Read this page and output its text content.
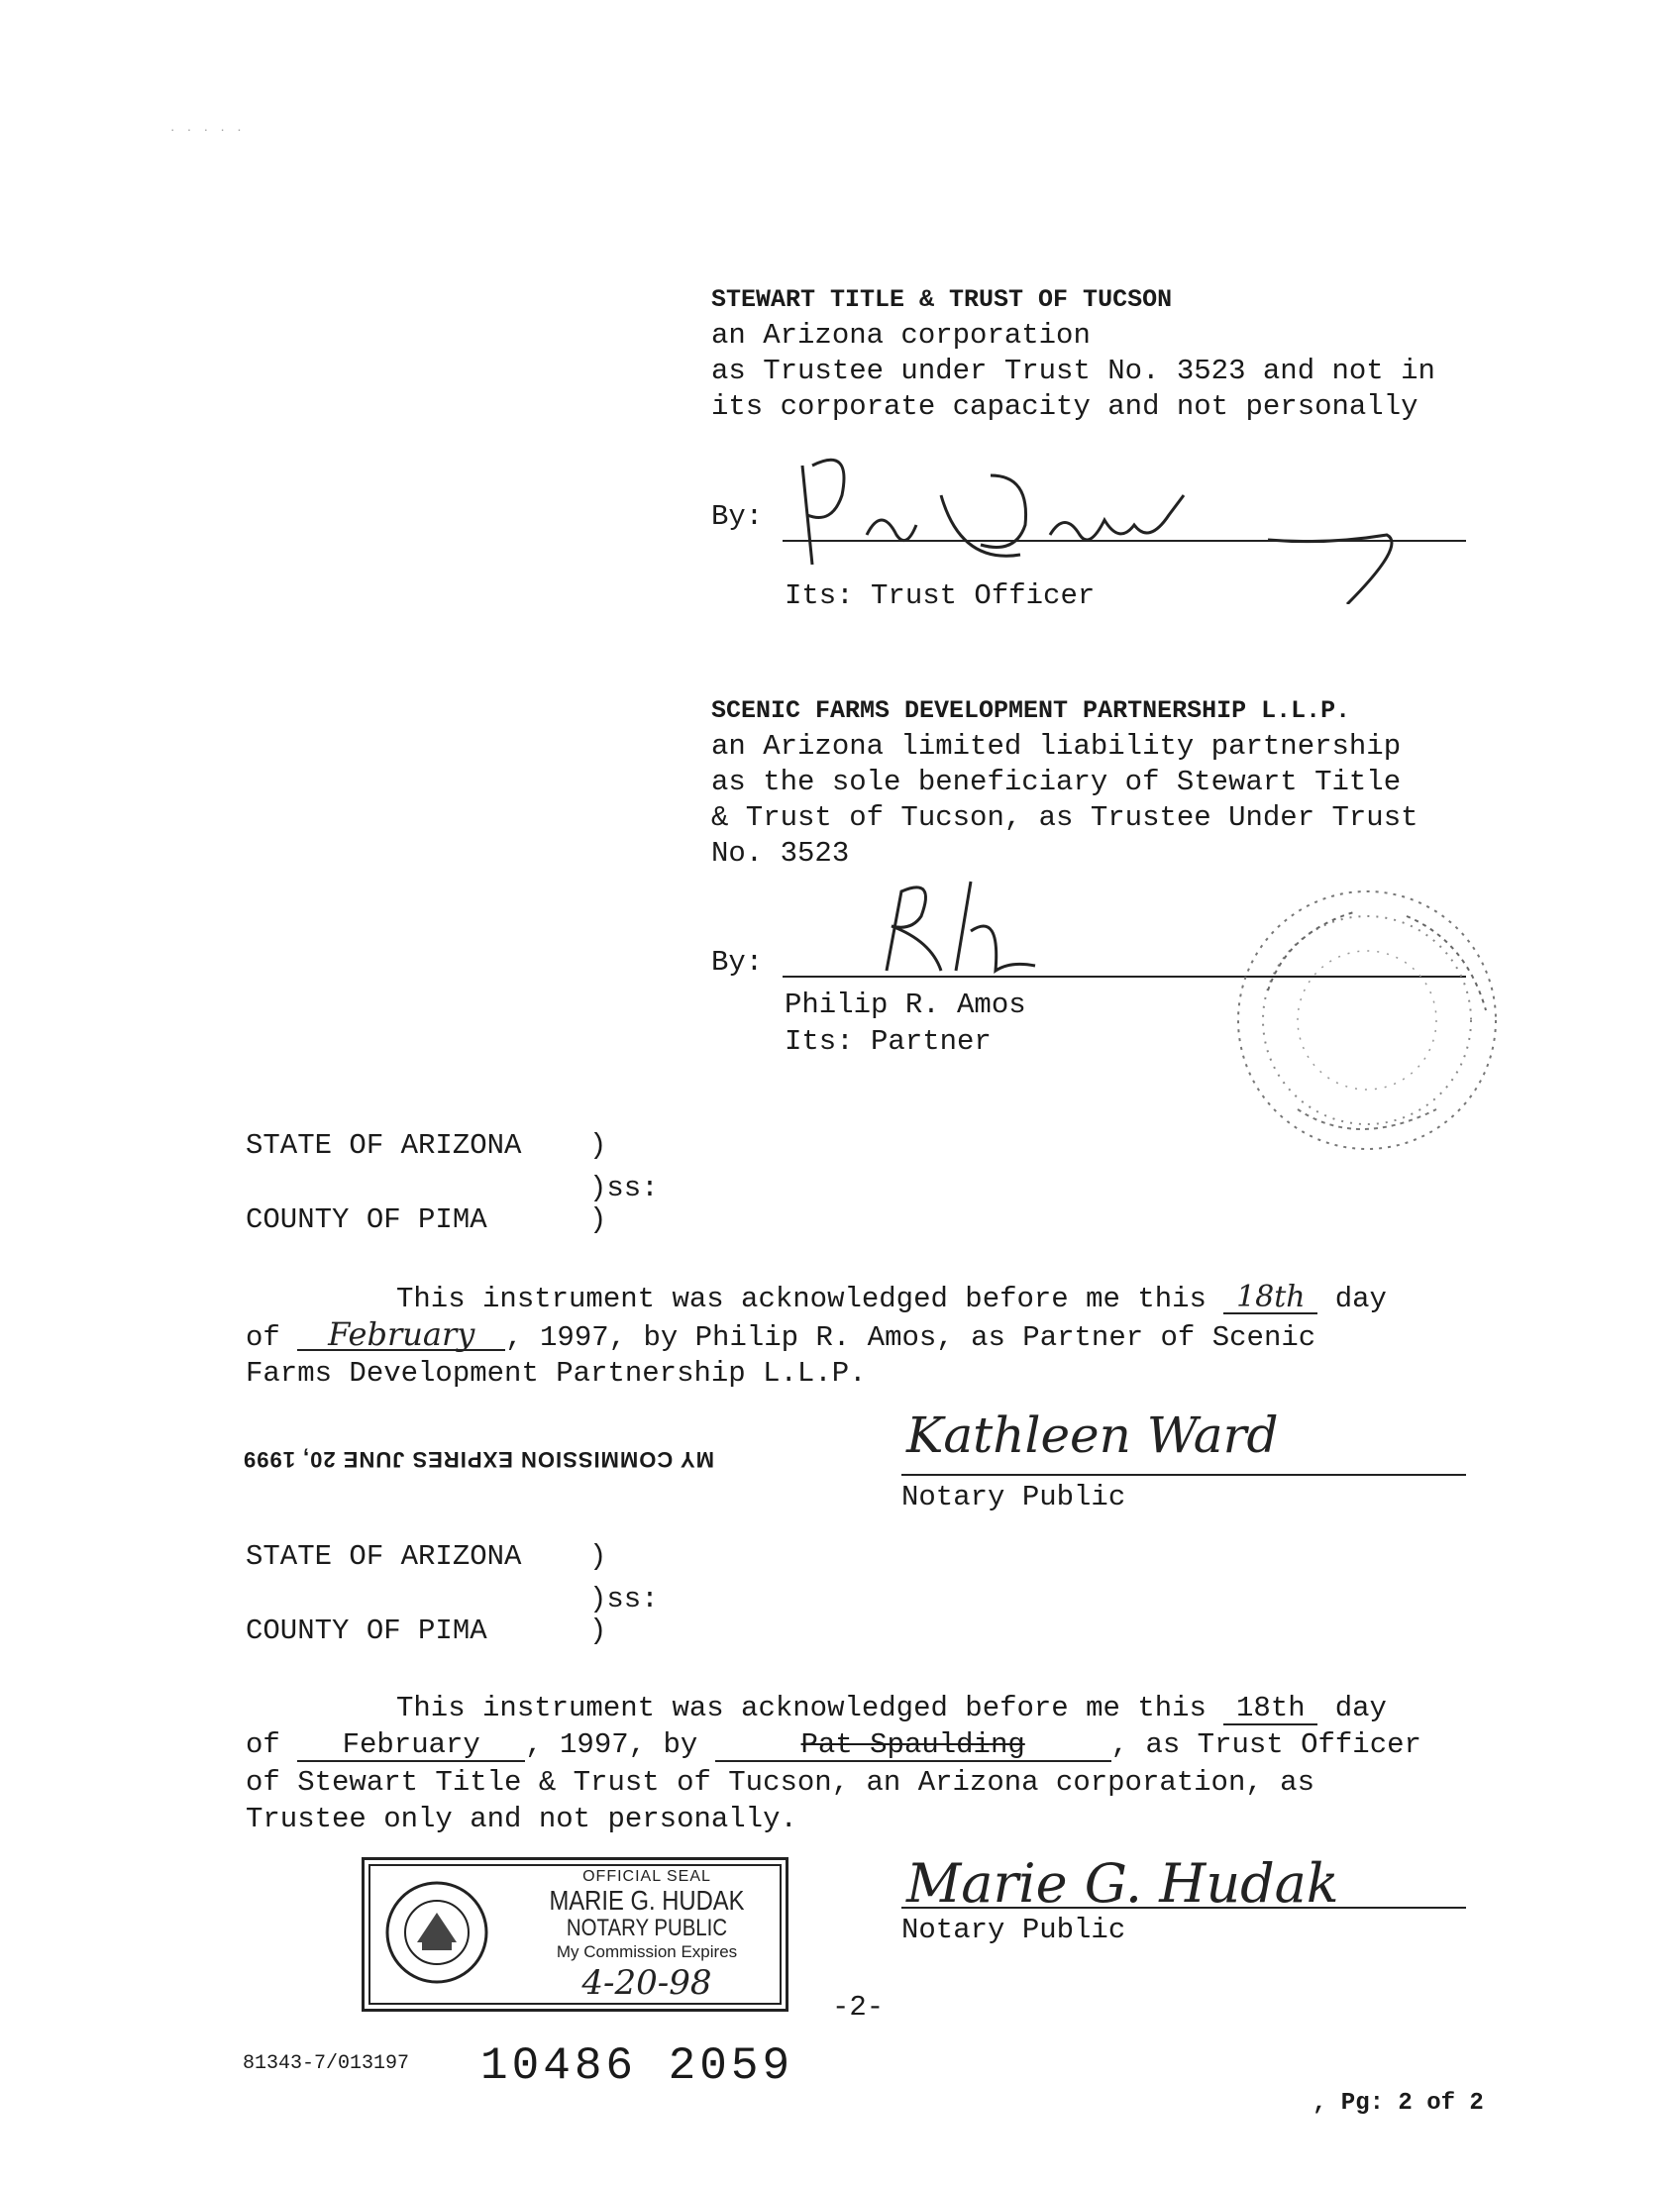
˙ ˙ ˙ ˙ ˙
STEWART TITLE & TRUST OF TUCSON
an Arizona corporation
as Trustee under Trust No. 3523 and not in
its corporate capacity and not personally
By:
Its: Trust Officer
SCENIC FARMS DEVELOPMENT PARTNERSHIP L.L.P.
an Arizona limited liability partnership
as the sole beneficiary of Stewart Title
& Trust of Tucson, as Trustee Under Trust
No. 3523
By:
Philip R. Amos
Its: Partner
STATE OF ARIZONA )
)ss:
COUNTY OF PIMA	)
This instrument was acknowledged before me this 18th day
of February , 1997, by Philip R. Amos, as Partner of Scenic
Farms Development Partnership L.L.P.
MY COMMISSION EXPIRES JUNE 20, 1999	Kathleen Ward
Notary Public
STATE OF ARIZONA )
)ss:
COUNTY OF PIMA	)
This instrument was acknowledged before me this 18th day
of February , 1997, by	Pat Spaulding	, as Trust Officer
of Stewart Title & Trust of Tucson, an Arizona corporation, as
Trustee only and not personally.
OFFICIAL SEAL
MARIE G. HUDAK
NOTARY PUBLIC
My Commission Expires
4-20-98
Marie G. Hudak
Notary Public
-2-
81343-7/013197 10486 2059
, Pg: 2 of 2
